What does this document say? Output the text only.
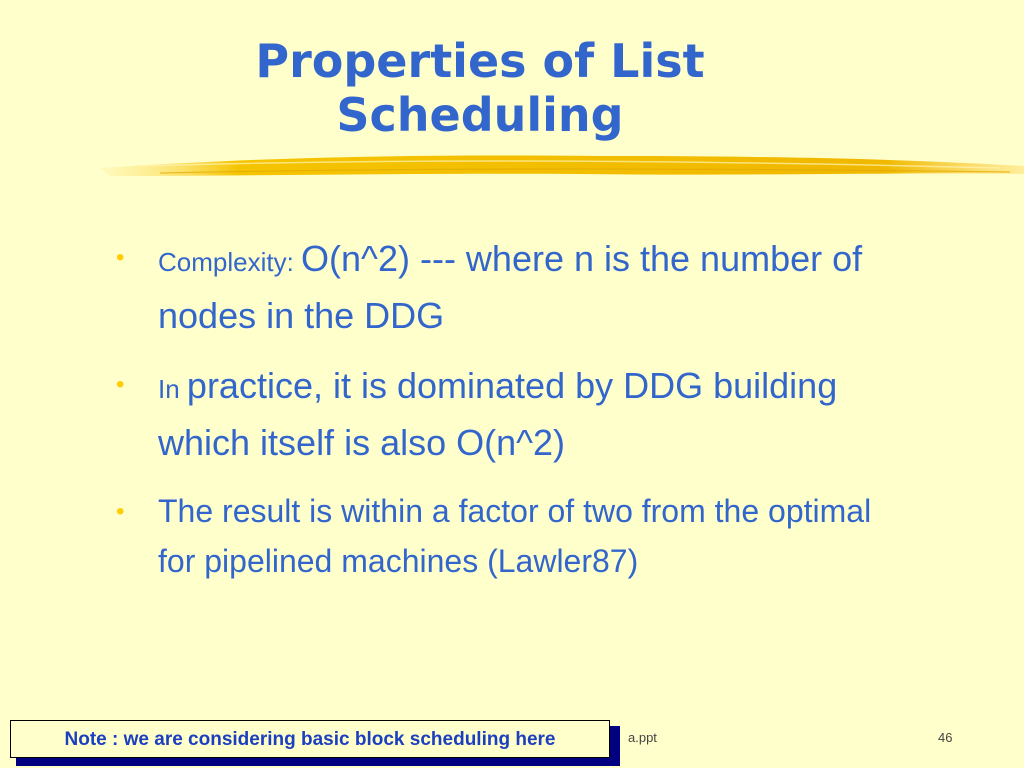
Properties of List
Scheduling
• Complexity: O(n^2) --- where n is the number of nodes in the DDG
• In practice, it is dominated by DDG building which itself is also O(n^2)
• The result is within a factor of two from the optimal for pipelined machines (Lawler87)
a.ppt	46
Note : we are considering basic block scheduling here
